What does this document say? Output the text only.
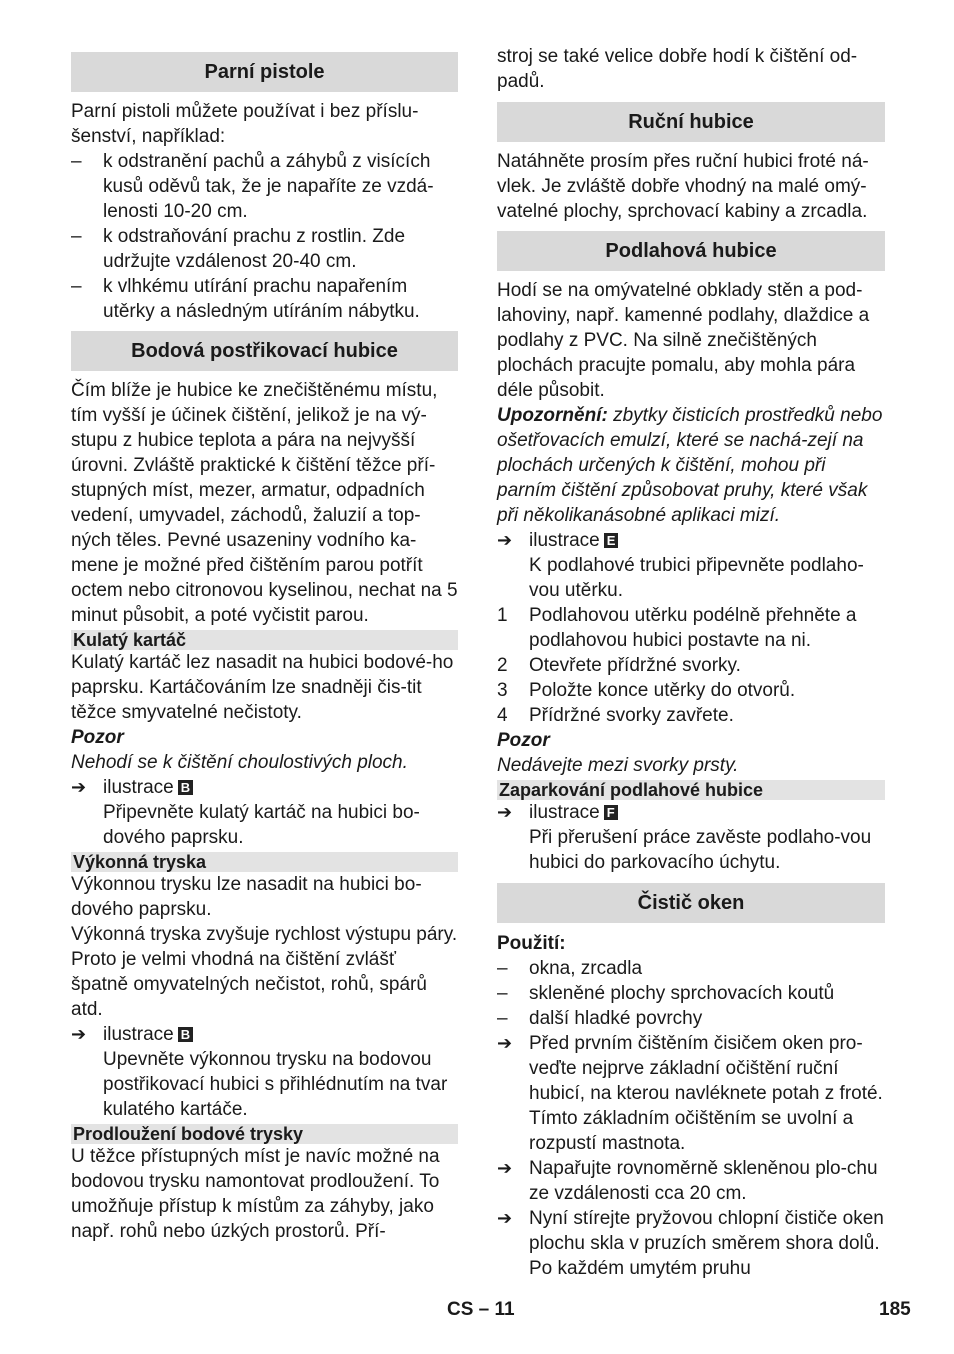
Parní pistole

Parní pistoli můžete používat i bez příslu-šenství, například:

–	k odstranění pachů a záhybů z visících kusů oděvů tak, že je napaříte ze vzdá-lenosti 10-20 cm.
–	k odstraňování prachu z rostlin. Zde udržujte vzdálenost 20-40 cm.
–	k vlhkému utírání prachu napařením utěrky a následným utíráním nábytku.
Bodová postřikovací hubice

Čím blíže je hubice ke znečištěnému místu, tím vyšší je účinek čištění, jelikož je na vý-stupu z hubice teplota a pára na nejvyšší úrovni. Zvláště praktické k čištění těžce pří-stupných míst, mezer, armatur, odpadních vedení, umyvadel, záchodů, žaluzií a top-ných těles. Pevné usazeniny vodního ka-mene je možné před čištěním parou potřít octem nebo citronovou kyselinou, nechat na 5 minut působit, a poté vyčistit parou.

Kulatý kartáč

Kulatý kartáč lez nasadit na hubici bodové-ho paprsku. Kartáčováním lze snadněji čis-tit těžce smyvatelné nečistoty.

Pozor

Nehodí se k čištění choulostivých ploch.

➔ ilustrace B

Připevněte kulatý kartáč na hubici bo-dového paprsku.

Výkonná tryska

Výkonnou trysku lze nasadit na hubici bo-dového paprsku.

Výkonná tryska zvyšuje rychlost výstupu páry. Proto je velmi vhodná na čištění zvlášť špatně omyvatelných nečistot, rohů, spárů atd.

➔ ilustrace B

Upevněte výkonnou trysku na bodovou postřikovací hubici s přihlédnutím na tvar kulatého kartáče.

Prodloužení bodové trysky

U těžce přístupných míst je navíc možné na bodovou trysku namontovat prodloužení. To umožňuje přístup k místům za záhyby, jako např. rohů nebo úzkých prostorů. Pří-

stroj se také velice dobře hodí k čištění od-padů.

Ruční hubice

Natáhněte prosím přes ruční hubici froté ná-vlek. Je zvláště dobře vhodný na malé omý-vatelné plochy, sprchovací kabiny a zrcadla.

Podlahová hubice

Hodí se na omývatelné obklady stěn a pod-lahoviny, např. kamenné podlahy, dlaždice a podlahy z PVC. Na silně znečištěných plochách pracujte pomalu, aby mohla pára déle působit.

Upozornění: zbytky čisticích prostředků nebo ošetřovacích emulzí, které se nachá-zejí na plochách určených k čištění, mohou při parním čištění způsobovat pruhy, které však při několikanásobné aplikaci mizí.

➔ ilustrace E

K podlahové trubici připevněte podlaho-vou utěrku.

1	Podlahovou utěrku podélně přehněte a podlahovou hubici postavte na ni.
2	Otevřete přídržné svorky.
3	Položte konce utěrky do otvorů.
4	Přídržné svorky zavřete.

Pozor

Nedávejte mezi svorky prsty.

Zaparkování podlahové hubice
➔ ilustrace F

Při přerušení práce zavěste podlaho-vou hubici do parkovacího úchytu.

Čistič oken

Použití:

–	okna, zrcadla
–	skleněné plochy sprchovacích koutů
–	další hladké povrchy
➔ Před prvním čištěním čisičem oken pro-veďte nejprve základní očištění ruční hubicí, na kterou navléknete potah z froté. Tímto základním očištěním se uvolní a rozpustí mastnota.
➔ Napařujte rovnoměrně skleněnou plo-chu ze vzdálenosti cca 20 cm.
➔ Nyní stírejte pryžovou chlopní čističe oken plochu skla v pruzích směrem shora dolů. Po každém umytém pruhu
CS – 11	185
